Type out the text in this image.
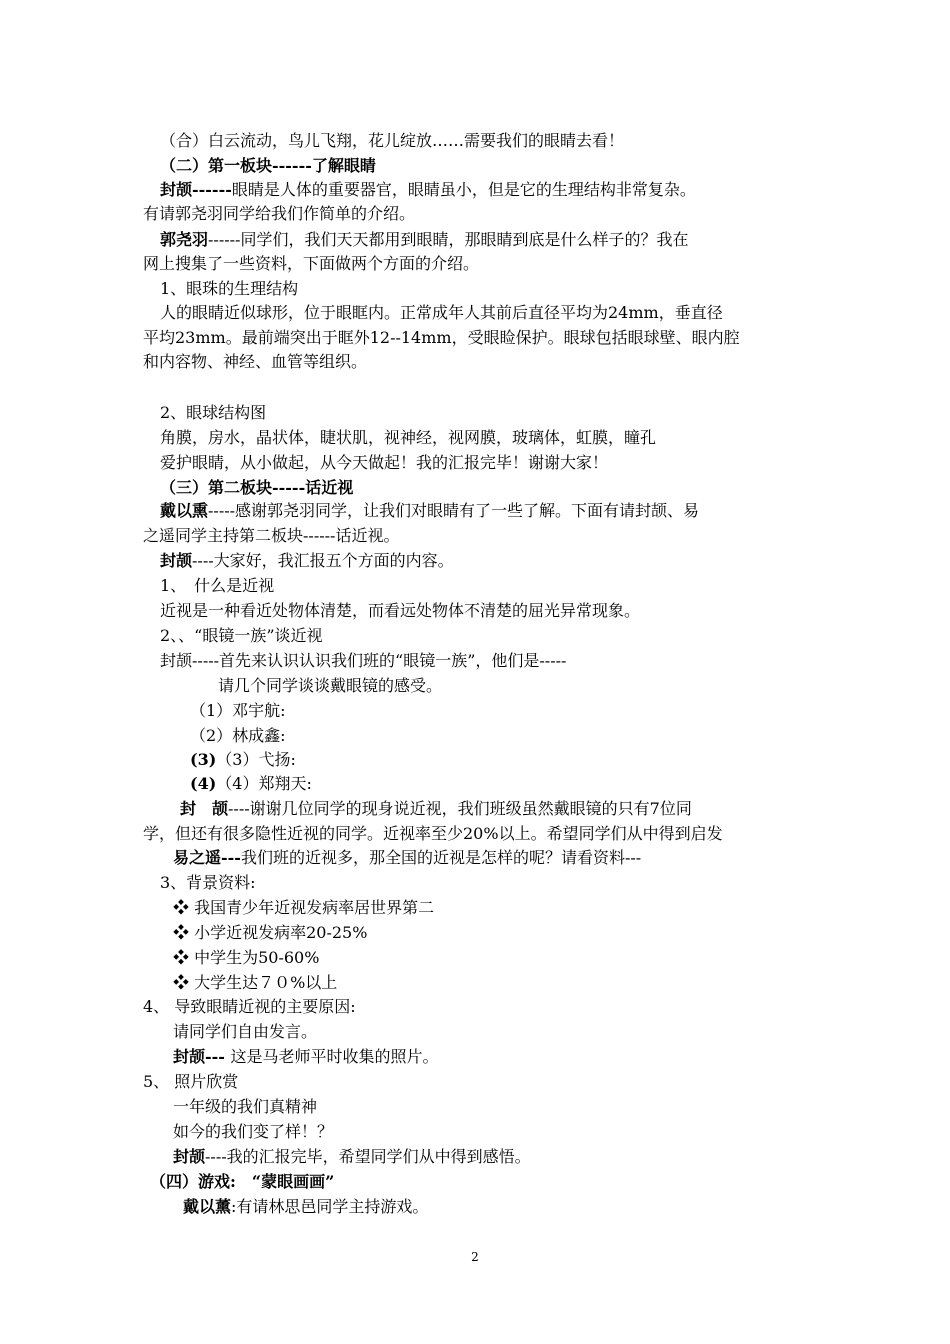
（合）白云流动，鸟儿飞翔，花儿绽放……需要我们的眼睛去看！
（二）第一板块------了解眼睛
封颉------眼睛是人体的重要器官，眼睛虽小，但是它的生理结构非常复杂。
有请郭尧羽同学给我们作简单的介绍。
郭尧羽------同学们，我们天天都用到眼睛，那眼睛到底是什么样子的？我在
网上搜集了一些资料，下面做两个方面的介绍。
1、眼珠的生理结构
人的眼睛近似球形，位于眼眶内。正常成年人其前后直径平均为24mm，垂直径
平均23mm。最前端突出于眶外12--14mm，受眼睑保护。眼球包括眼球壁、眼内腔
和内容物、神经、血管等组织。
2、眼球结构图
角膜，房水，晶状体，睫状肌，视神经，视网膜，玻璃体，虹膜，瞳孔
爱护眼睛，从小做起，从今天做起！我的汇报完毕！谢谢大家！
（三）第二板块-----话近视
戴以熏-----感谢郭尧羽同学，让我们对眼睛有了一些了解。下面有请封颉、易
之遥同学主持第二板块------话近视。
封颉----大家好，我汇报五个方面的内容。
1、　什么是近视
近视是一种看近处物体清楚，而看远处物体不清楚的屈光异常现象。
2、、“眼镜一族”谈近视
封颉-----首先来认识认识我们班的“眼镜一族”，他们是-----
请几个同学谈谈戴眼镜的感受。
（1）邓宇航:
（2）林成鑫:
(3)（3）弋扬:
(4)（4）郑翔天:
封　颉----谢谢几位同学的现身说近视，我们班级虽然戴眼镜的只有7位同
学，但还有很多隐性近视的同学。近视率至少20%以上。希望同学们从中得到启发
易之遥---我们班的近视多，那全国的近视是怎样的呢？请看资料---
3、背景资料:
❖ 我国青少年近视发病率居世界第二
❖ 小学近视发病率20-25%
❖ 中学生为50-60%
❖ 大学生达７０%以上
4、 导致眼睛近视的主要原因:
请同学们自由发言。
封颉--- 这是马老师平时收集的照片。
5、 照片欣赏
一年级的我们真精神
如今的我们变了样！？
封颉----我的汇报完毕，希望同学们从中得到感悟。
（四）游戏:　“蒙眼画画”
戴以薰:有请林思邑同学主持游戏。
2
